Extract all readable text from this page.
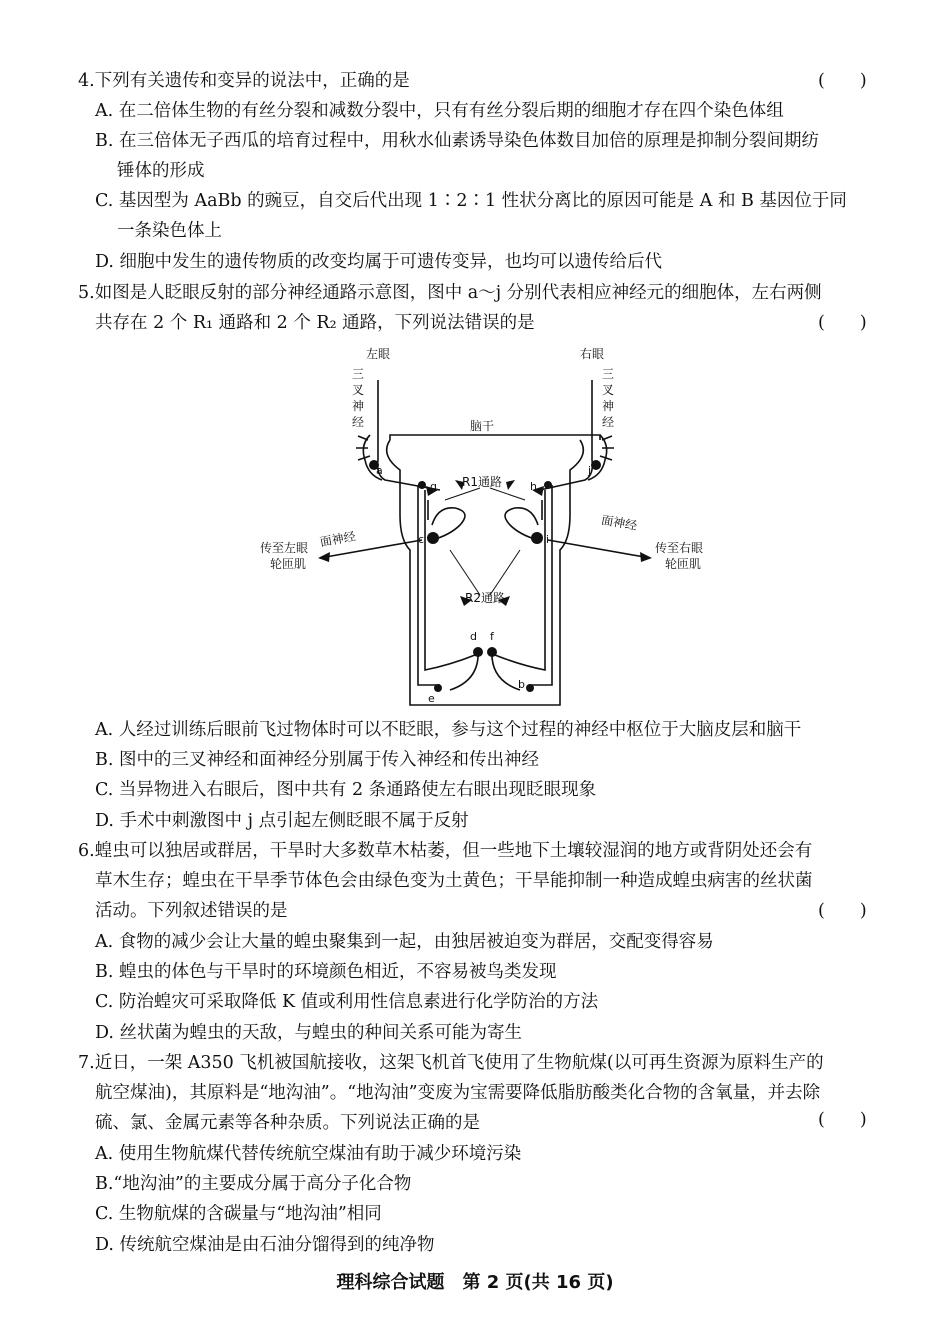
4.下列有关遗传和变异的说法中，正确的是	(　　)
A. 在二倍体生物的有丝分裂和减数分裂中，只有有丝分裂后期的细胞才存在四个染色体组
B. 在三倍体无子西瓜的培育过程中，用秋水仙素诱导染色体数目加倍的原理是抑制分裂间期纺
锤体的形成
C. 基因型为 AaBb 的豌豆，自交后代出现 1∶2∶1 性状分离比的原因可能是 A 和 B 基因位于同
一条染色体上
D. 细胞中发生的遗传物质的改变均属于可遗传变异，也均可以遗传给后代
5.如图是人眨眼反射的部分神经通路示意图，图中 a～j 分别代表相应神经元的细胞体，左右两侧
共存在 2 个 R₁ 通路和 2 个 R₂ 通路，下列说法错误的是	(　　)
左眼	右眼
脑干
R1通路
R2通路
面神经
面神经
传至左眼
轮匝肌
传至右眼
轮匝肌
三
叉
神
经
三
叉
神
经
a
b
c
d
e
f
g	h
i
j
A. 人经过训练后眼前飞过物体时可以不眨眼，参与这个过程的神经中枢位于大脑皮层和脑干
B. 图中的三叉神经和面神经分别属于传入神经和传出神经
C. 当异物进入右眼后，图中共有 2 条通路使左右眼出现眨眼现象
D. 手术中刺激图中 j 点引起左侧眨眼不属于反射
6.蝗虫可以独居或群居，干旱时大多数草木枯萎，但一些地下土壤较湿润的地方或背阴处还会有
草木生存；蝗虫在干旱季节体色会由绿色变为土黄色；干旱能抑制一种造成蝗虫病害的丝状菌
活动。下列叙述错误的是	(　　)
A. 食物的减少会让大量的蝗虫聚集到一起，由独居被迫变为群居，交配变得容易
B. 蝗虫的体色与干旱时的环境颜色相近，不容易被鸟类发现
C. 防治蝗灾可采取降低 K 值或利用性信息素进行化学防治的方法
D. 丝状菌为蝗虫的天敌，与蝗虫的种间关系可能为寄生
7.近日，一架 A350 飞机被国航接收，这架飞机首飞使用了生物航煤(以可再生资源为原料生产的
航空煤油)，其原料是“地沟油”。“地沟油”变废为宝需要降低脂肪酸类化合物的含氧量，并去除
硫、氯、金属元素等各种杂质。下列说法正确的是	(　　)
A. 使用生物航煤代替传统航空煤油有助于减少环境污染
B.“地沟油”的主要成分属于高分子化合物
C. 生物航煤的含碳量与“地沟油”相同
D. 传统航空煤油是由石油分馏得到的纯净物
理科综合试题　第 2 页(共 16 页)
